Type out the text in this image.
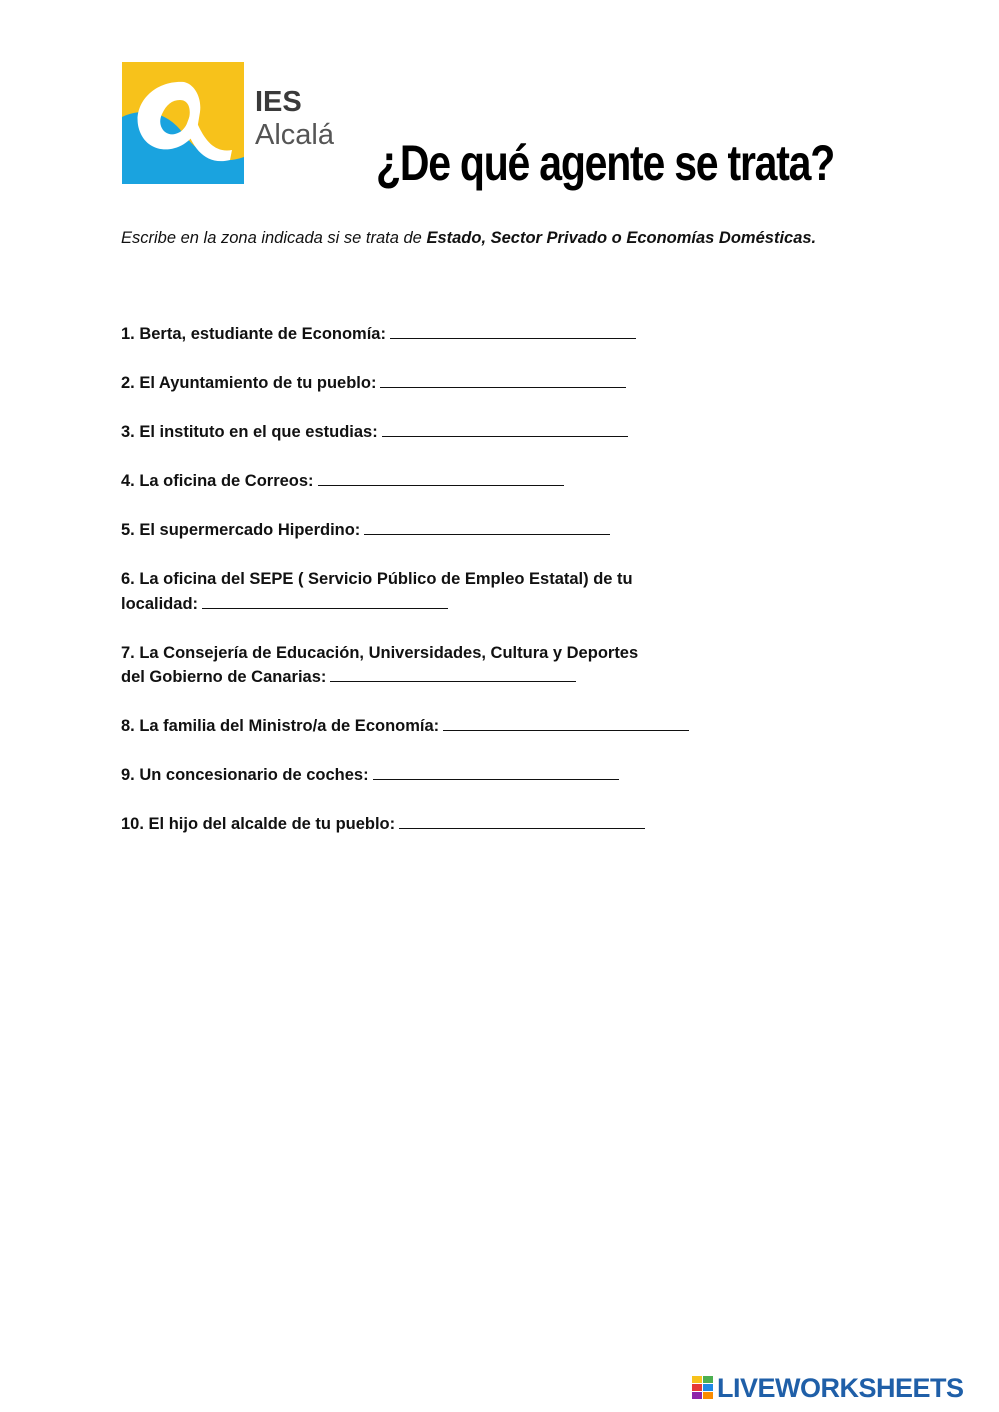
IES
Alcalá ¿De qué agente se trata?

Escribe en la zona indicada si se trata de Estado, Sector Privado o Economías Domésticas.

1. Berta, estudiante de Economía:
2. El Ayuntamiento de tu pueblo:
3. El instituto en el que estudias:
4. La oficina de Correos:
5. El supermercado Hiperdino:
6. La oficina del SEPE ( Servicio Público de Empleo Estatal) de tu localidad:
7. La Consejería de Educación, Universidades, Cultura y Deportes del Gobierno de Canarias:
8. La familia del Ministro/a de Economía:
9. Un concesionario de coches:
10. El hijo del alcalde de tu pueblo:
LIVEWORKSHEETS
